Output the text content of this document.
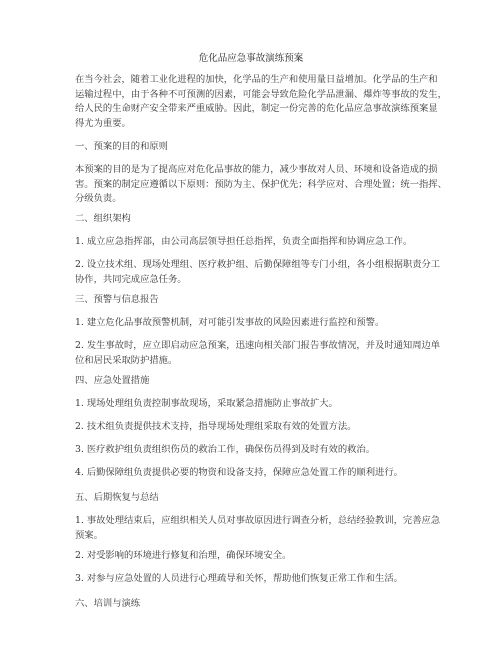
危化品应急事故演练预案
在当今社会，随着工业化进程的加快，化学品的生产和使用量日益增加。化学品的生产和
运输过程中，由于各种不可预测的因素，可能会导致危险化学品泄漏、爆炸等事故的发生，
给人民的生命财产安全带来严重威胁。因此，制定一份完善的危化品应急事故演练预案显
得尤为重要。
一、预案的目的和原则
本预案的目的是为了提高应对危化品事故的能力，减少事故对人员、环境和设备造成的损
害。预案的制定应遵循以下原则：预防为主、保护优先；科学应对、合理处置；统一指挥、
分级负责。
二、组织架构
1. 成立应急指挥部，由公司高层领导担任总指挥，负责全面指挥和协调应急工作。
2. 设立技术组、现场处理组、医疗救护组、后勤保障组等专门小组，各小组根据职责分工
协作，共同完成应急任务。
三、预警与信息报告
1. 建立危化品事故预警机制，对可能引发事故的风险因素进行监控和预警。
2. 发生事故时，应立即启动应急预案，迅速向相关部门报告事故情况，并及时通知周边单
位和居民采取防护措施。
四、应急处置措施
1. 现场处理组负责控制事故现场，采取紧急措施防止事故扩大。
2. 技术组负责提供技术支持，指导现场处理组采取有效的处置方法。
3. 医疗救护组负责组织伤员的救治工作，确保伤员得到及时有效的救治。
4. 后勤保障组负责提供必要的物资和设备支持，保障应急处置工作的顺利进行。
五、后期恢复与总结
1. 事故处理结束后，应组织相关人员对事故原因进行调查分析，总结经验教训，完善应急
预案。
2. 对受影响的环境进行修复和治理，确保环境安全。
3. 对参与应急处置的人员进行心理疏导和关怀，帮助他们恢复正常工作和生活。
六、培训与演练
